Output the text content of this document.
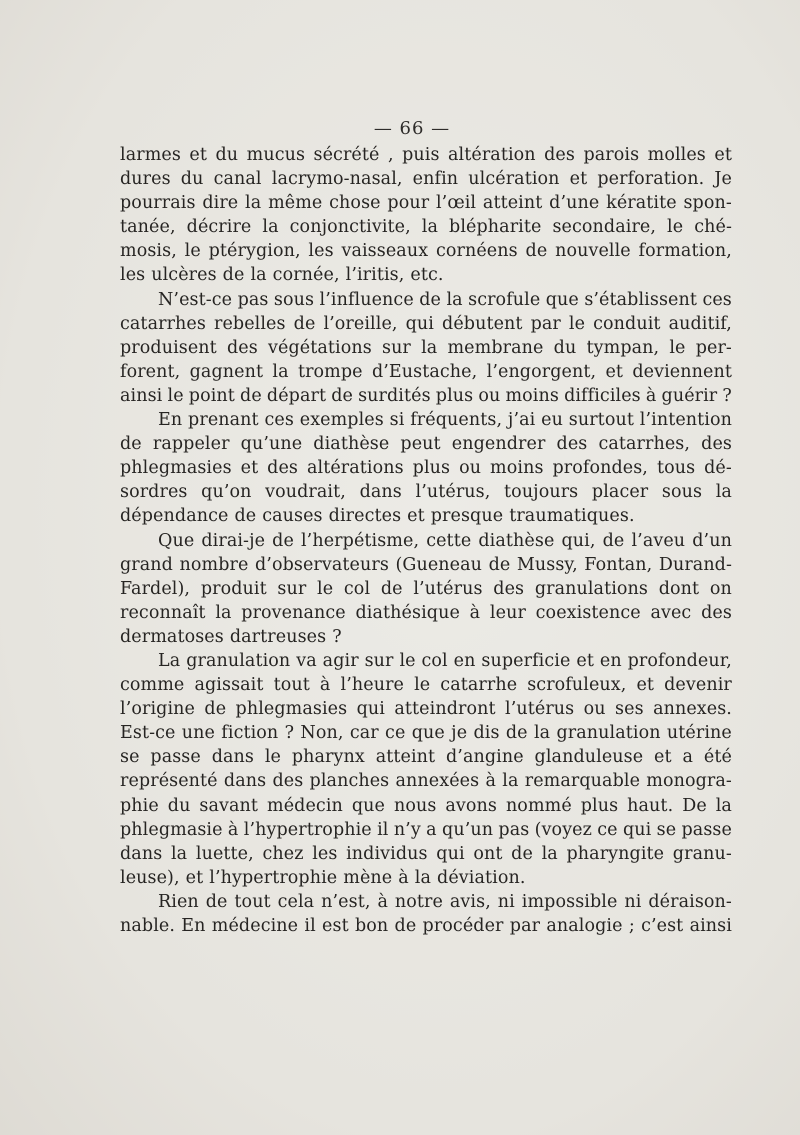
— 66 —
larmes et du mucus sécrété , puis altération des parois molles et
dures du canal lacrymo-nasal, enfin ulcération et perforation. Je
pourrais dire la même chose pour l’œil atteint d’une kératite spon-
tanée, décrire la conjonctivite, la blépharite secondaire, le ché-
mosis, le ptérygion, les vaisseaux cornéens de nouvelle formation,
les ulcères de la cornée, l’iritis, etc.
N’est-ce pas sous l’influence de la scrofule que s’établissent ces
catarrhes rebelles de l’oreille, qui débutent par le conduit auditif,
produisent des végétations sur la membrane du tympan, le per-
forent, gagnent la trompe d’Eustache, l’engorgent, et deviennent
ainsi le point de départ de surdités plus ou moins difficiles à guérir ?
En prenant ces exemples si fréquents, j’ai eu surtout l’intention
de rappeler qu’une diathèse peut engendrer des catarrhes, des
phlegmasies et des altérations plus ou moins profondes, tous dé-
sordres qu’on voudrait, dans l’utérus, toujours placer sous la
dépendance de causes directes et presque traumatiques.
Que dirai-je de l’herpétisme, cette diathèse qui, de l’aveu d’un
grand nombre d’observateurs (Gueneau de Mussy, Fontan, Durand-
Fardel), produit sur le col de l’utérus des granulations dont on
reconnaît la provenance diathésique à leur coexistence avec des
dermatoses dartreuses ?
La granulation va agir sur le col en superficie et en profondeur,
comme agissait tout à l’heure le catarrhe scrofuleux, et devenir
l’origine de phlegmasies qui atteindront l’utérus ou ses annexes.
Est-ce une fiction ? Non, car ce que je dis de la granulation utérine
se passe dans le pharynx atteint d’angine glanduleuse et a été
représenté dans des planches annexées à la remarquable monogra-
phie du savant médecin que nous avons nommé plus haut. De la
phlegmasie à l’hypertrophie il n’y a qu’un pas (voyez ce qui se passe
dans la luette, chez les individus qui ont de la pharyngite granu-
leuse), et l’hypertrophie mène à la déviation.
Rien de tout cela n’est, à notre avis, ni impossible ni déraison-
nable. En médecine il est bon de procéder par analogie ; c’est ainsi
